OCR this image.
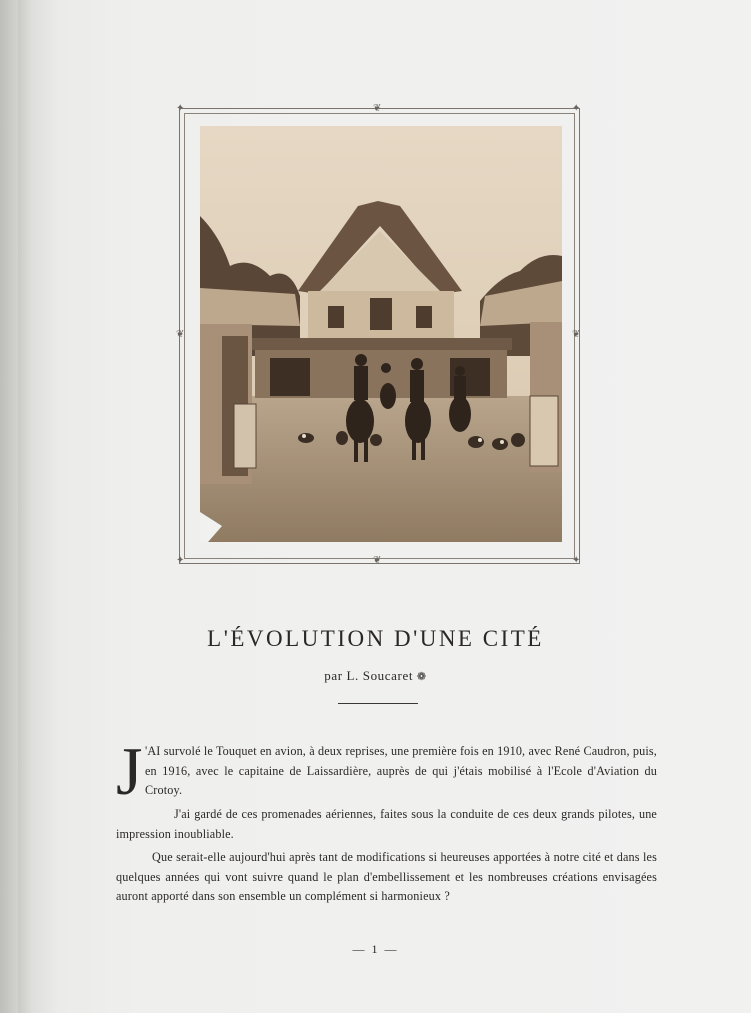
✦	✦
✦	✦
❦
❦
❦	❦
L'ÉVOLUTION D'UNE CITÉ
par L. Soucaret ❁
J 'AI survolé le Touquet en avion, à deux reprises, une première fois en 1910, avec René Caudron, puis, en 1916, avec le capitaine de Laissardière, auprès de qui j'étais mobilisé à l'Ecole d'Aviation du Crotoy.
J'ai gardé de ces promenades aériennes, faites sous la conduite de ces deux grands pilotes, une impression inoubliable.
Que serait-elle aujourd'hui après tant de modifications si heureuses apportées à notre cité et dans les quelques années qui vont suivre quand le plan d'embellissement et les nombreuses créations envisagées auront apporté dans son ensemble un complément si harmonieux ?
— 1 —
